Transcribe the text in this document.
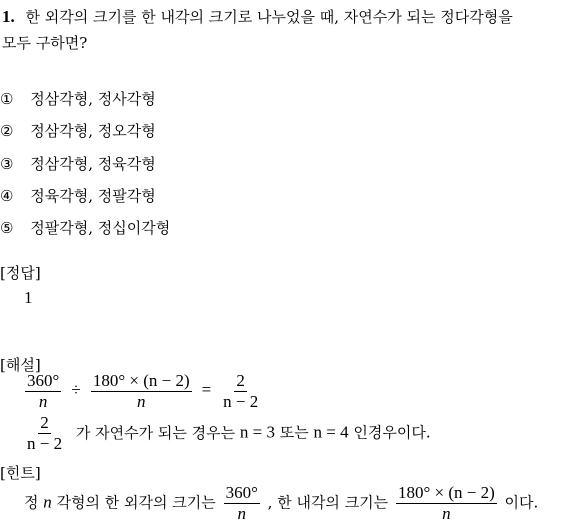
1. 한 외각의 크기를 한 내각의 크기로 나누었을 때, 자연수가 되는 정다각형을
모두 구하면?
① 정삼각형, 정사각형
② 정삼각형, 정오각형
③ 정삼각형, 정육각형
④ 정육각형, 정팔각형
⑤ 정팔각형, 정십이각형
[정답]
1
[해설]
$\frac{360^\circ}{n} \div \frac{180^\circ \times (n - 2)}{n} = \frac{2}{n - 2}$
$\frac{2}{n - 2}$ 가 자연수가 되는 경우는 n = 3 또는 n = 4 인경우이다.
[힌트]
정 n 각형의 한 외각의 크기는 $\frac{360^\circ}{n}$ , 한 내각의 크기는 $\frac{180^\circ \times (n - 2)}{n}$ 이다.
